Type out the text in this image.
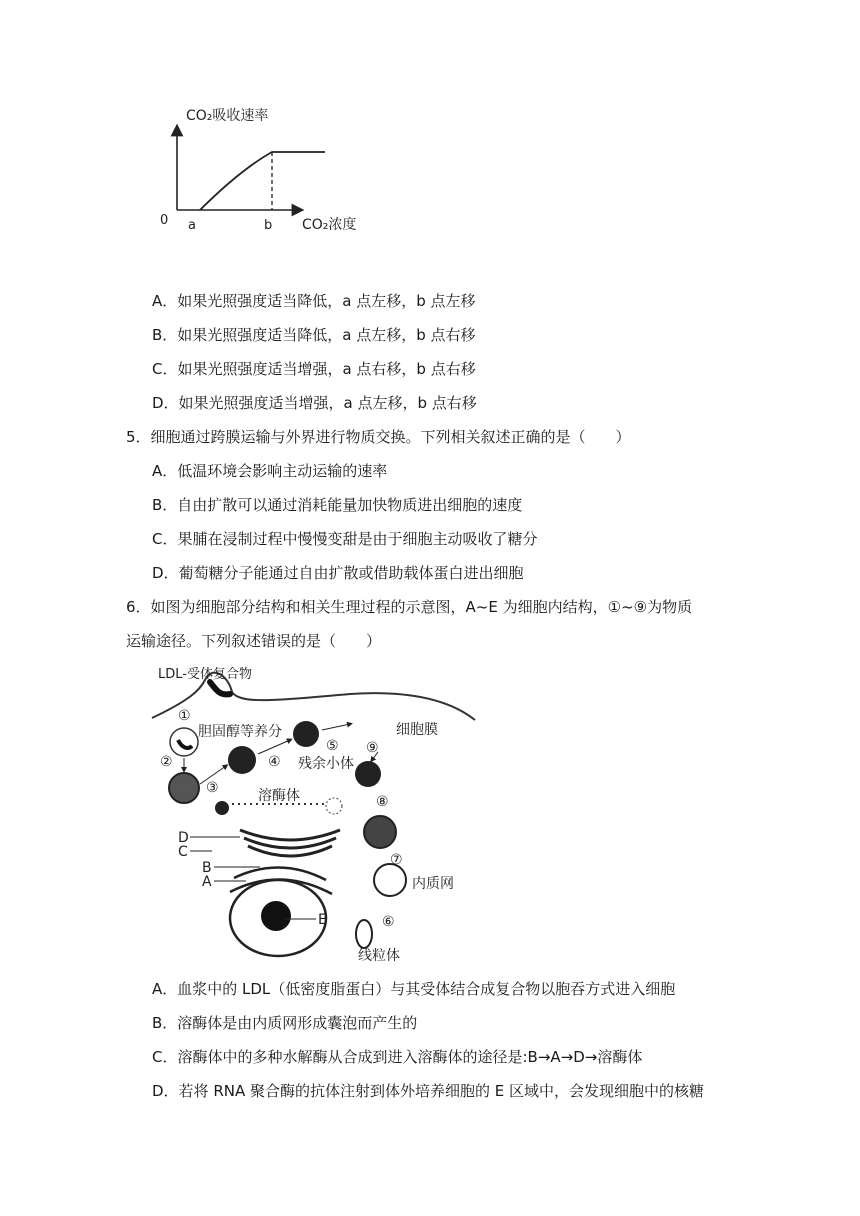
CO₂吸收速率
0 a	b CO₂浓度
A．如果光照强度适当降低，a 点左移，b 点左移
B．如果光照强度适当降低，a 点左移，b 点右移
C．如果光照强度适当增强，a 点右移，b 点右移
D．如果光照强度适当增强，a 点左移，b 点右移
5．细胞通过跨膜运输与外界进行物质交换。下列相关叙述正确的是（　　）
A．低温环境会影响主动运输的速率
B．自由扩散可以通过消耗能量加快物质进出细胞的速度
C．果脯在浸制过程中慢慢变甜是由于细胞主动吸收了糖分
D．葡萄糖分子能通过自由扩散或借助载体蛋白进出细胞
6．如图为细胞部分结构和相关生理过程的示意图，A~E 为细胞内结构，①~⑨为物质
运输途径。下列叙述错误的是（　　）
LDL-受体复合物
细胞膜
胆固醇等养分
残余小体
溶酶体
内质网
线粒体
D
C
B
A
E
①
②
③
④
⑤
⑥
⑦
⑧
⑨
A．血浆中的 LDL（低密度脂蛋白）与其受体结合成复合物以胞吞方式进入细胞
B．溶酶体是由内质网形成囊泡而产生的
C．溶酶体中的多种水解酶从合成到进入溶酶体的途径是:B→A→D→溶酶体
D．若将 RNA 聚合酶的抗体注射到体外培养细胞的 E 区域中，会发现细胞中的核糖
